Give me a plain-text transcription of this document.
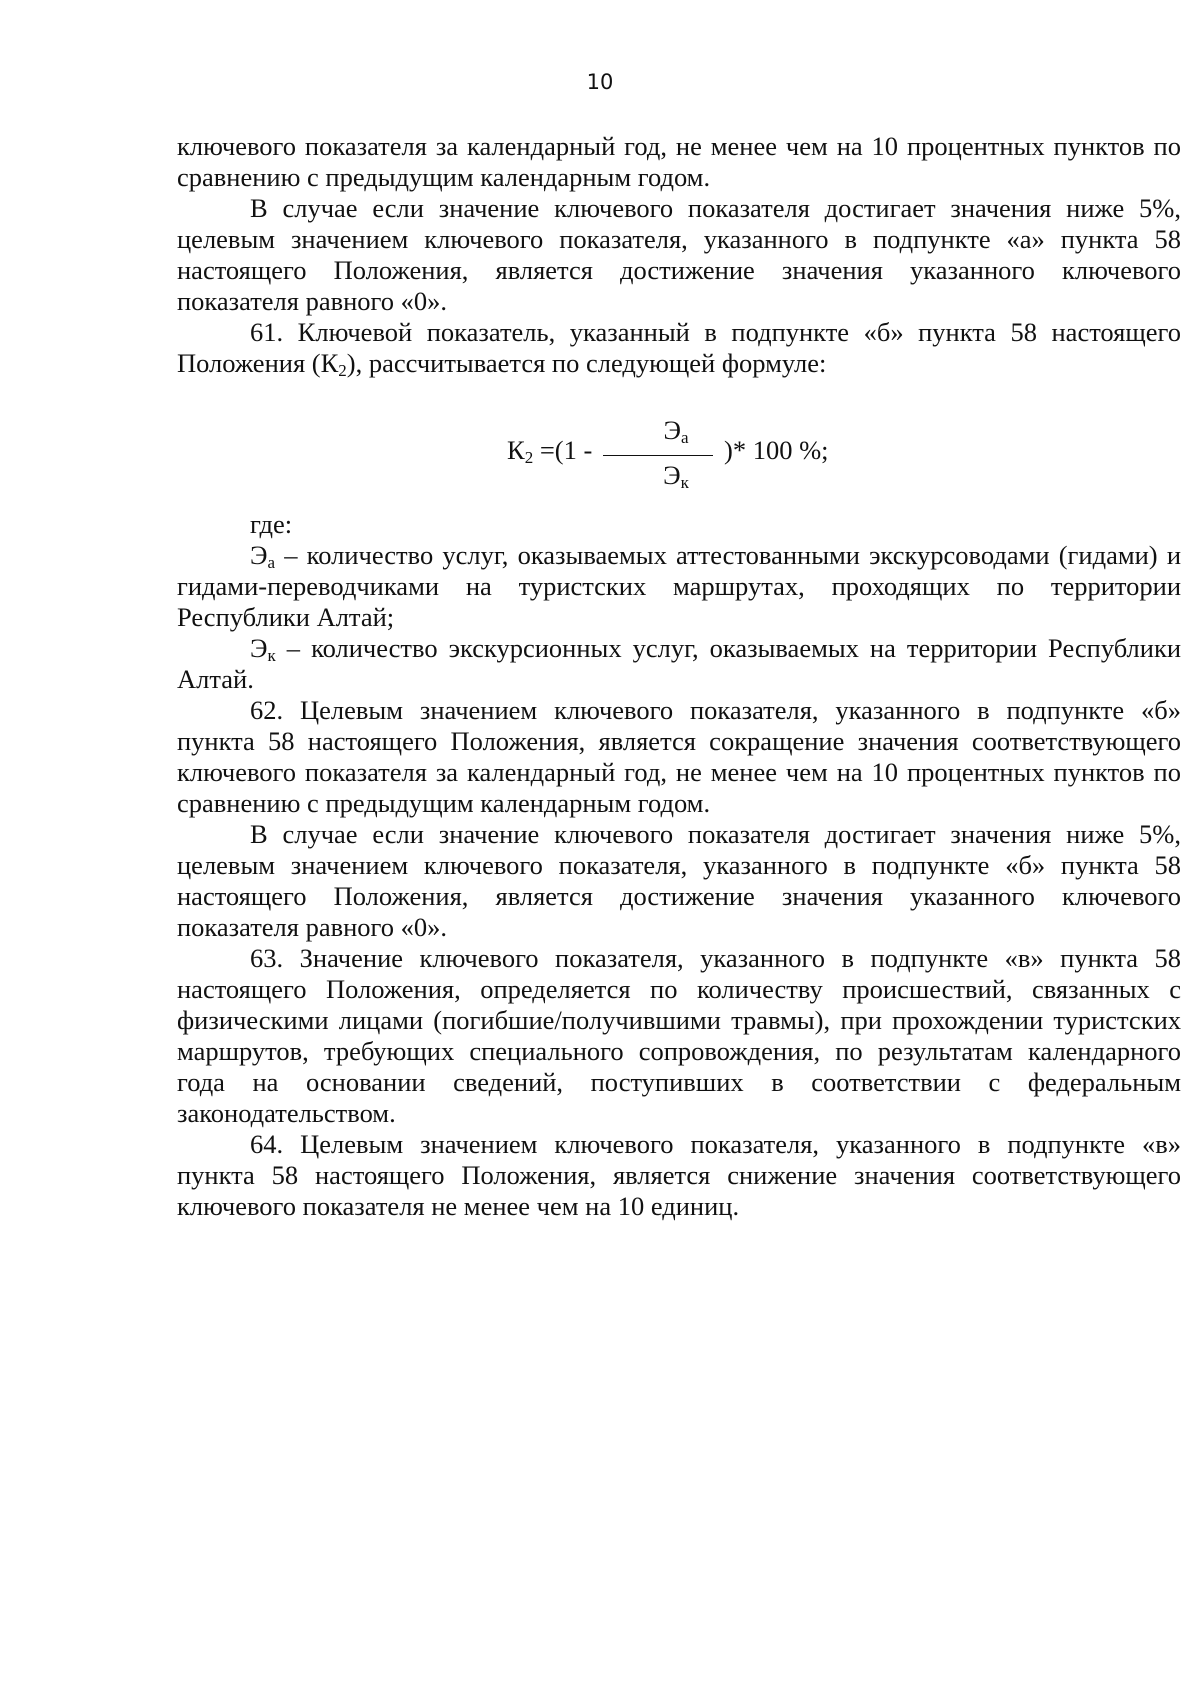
10

ключевого показателя за календарный год, не менее чем на 10 процентных пунктов по сравнению с предыдущим календарным годом.

В случае если значение ключевого показателя достигает значения ниже 5%, целевым значением ключевого показателя, указанного в подпункте «а» пункта 58 настоящего Положения, является достижение значения указанного ключевого показателя равного «0».

61. Ключевой показатель, указанный в подпункте «б» пункта 58 настоящего Положения $(К_2)$, рассчитывается по следующей формуле:

$К_2 =(1$ -
$Э_а$
$Э_к$
)* 100 %;

где:

$Э_а$ – количество услуг, оказываемых аттестованными экскурсоводами (гидами) и гидами-переводчиками на туристских маршрутах, проходящих по территории Республики Алтай;

$Э_к$ – количество экскурсионных услуг, оказываемых на территории Республики Алтай.

62. Целевым значением ключевого показателя, указанного в подпункте «б» пункта 58 настоящего Положения, является сокращение значения соответствующего ключевого показателя за календарный год, не менее чем на 10 процентных пунктов по сравнению с предыдущим календарным годом.

В случае если значение ключевого показателя достигает значения ниже 5%, целевым значением ключевого показателя, указанного в подпункте «б» пункта 58 настоящего Положения, является достижение значения указанного ключевого показателя равного «0».

63. Значение ключевого показателя, указанного в подпункте «в» пункта 58 настоящего Положения, определяется по количеству происшествий, связанных с физическими лицами (погибшие/получившими травмы), при прохождении туристских маршрутов, требующих специального сопровождения, по результатам календарного года на основании сведений, поступивших в соответствии с федеральным законодательством.

64. Целевым значением ключевого показателя, указанного в подпункте «в» пункта 58 настоящего Положения, является снижение значения соответствующего ключевого показателя не менее чем на 10 единиц.
